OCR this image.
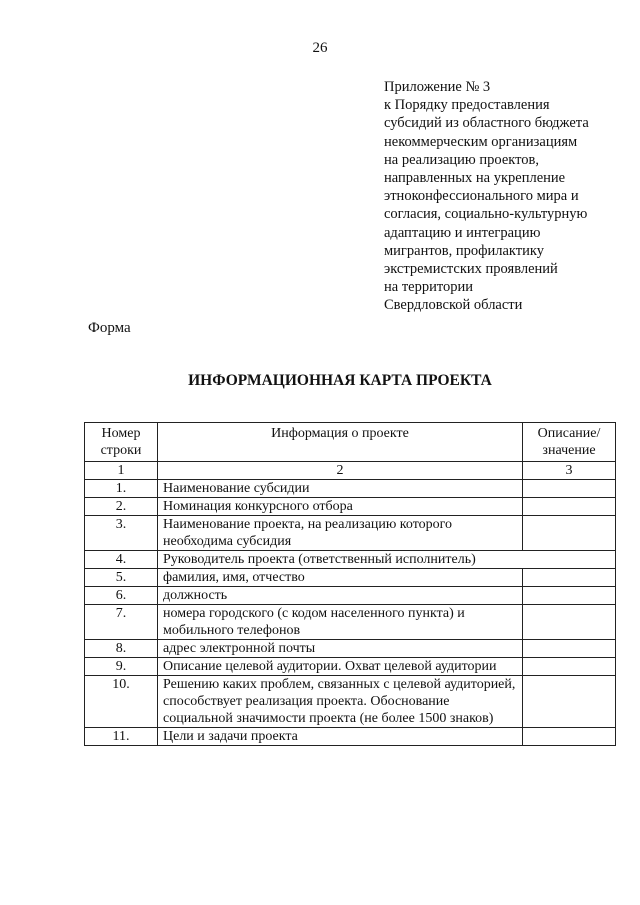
26
Приложение № 3
к Порядку предоставления
субсидий из областного бюджета
некоммерческим организациям
на реализацию проектов,
направленных на укрепление
этноконфессионального мира и
согласия, социально-культурную
адаптацию и интеграцию
мигрантов, профилактику
экстремистских проявлений
на территории
Свердловской области
Форма
ИНФОРМАЦИОННАЯ КАРТА ПРОЕКТА
Номер строки	Информация о проекте	Описание/ значение
1	2	3
1.	Наименование субсидии	
2.	Номинация конкурсного отбора	
3.	Наименование проекта, на реализацию которого необходима субсидия	
4.	Руководитель проекта (ответственный исполнитель)	
5.	фамилия, имя, отчество	
6.	должность	
7.	номера городского (с кодом населенного пункта) и мобильного телефонов	
8.	адрес электронной почты	
9.	Описание целевой аудитории. Охват целевой аудитории	
10.	Решению каких проблем, связанных с целевой аудиторией, способствует реализация проекта. Обоснование социальной значимости проекта (не более 1500 знаков)	
11.	Цели и задачи проекта	
